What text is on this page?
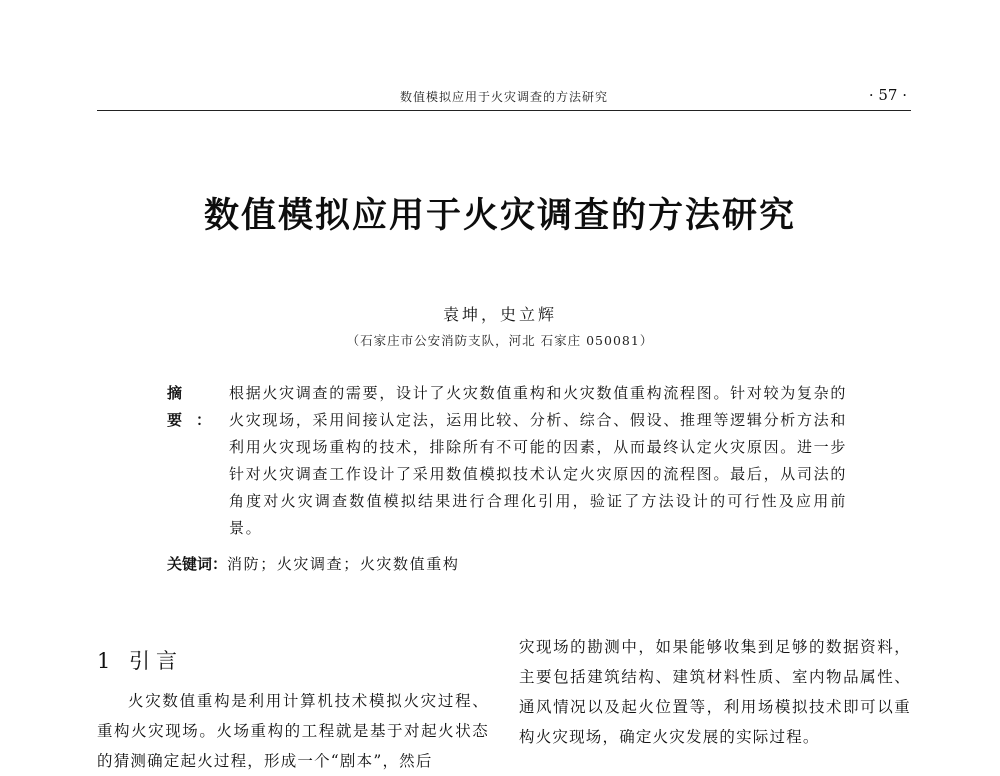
数值模拟应用于火灾调查的方法研究	· 57 ·
数值模拟应用于火灾调查的方法研究
袁坤，史立辉
（石家庄市公安消防支队，河北 石家庄 050081）
摘 要：
根据火灾调查的需要，设计了火灾数值重构和火灾数值重构流程图。针对较为复杂的火灾现场，采用间接认定法，运用比较、分析、综合、假设、推理等逻辑分析方法和利用火灾现场重构的技术，排除所有不可能的因素，从而最终认定火灾原因。进一步针对火灾调查工作设计了采用数值模拟技术认定火灾原因的流程图。最后，从司法的角度对火灾调查数值模拟结果进行合理化引用，验证了方法设计的可行性及应用前景。
关键词：消防；火灾调查；火灾数值重构
1 引言
火灾数值重构是利用计算机技术模拟火灾过程、重构火灾现场。火场重构的工程就是基于对起火状态的猜测确定起火过程，形成一个“剧本”，然后
灾现场的勘测中，如果能够收集到足够的数据资料，主要包括建筑结构、建筑材料性质、室内物品属性、通风情况以及起火位置等，利用场模拟技术即可以重构火灾现场，确定火灾发展的实际过程。
